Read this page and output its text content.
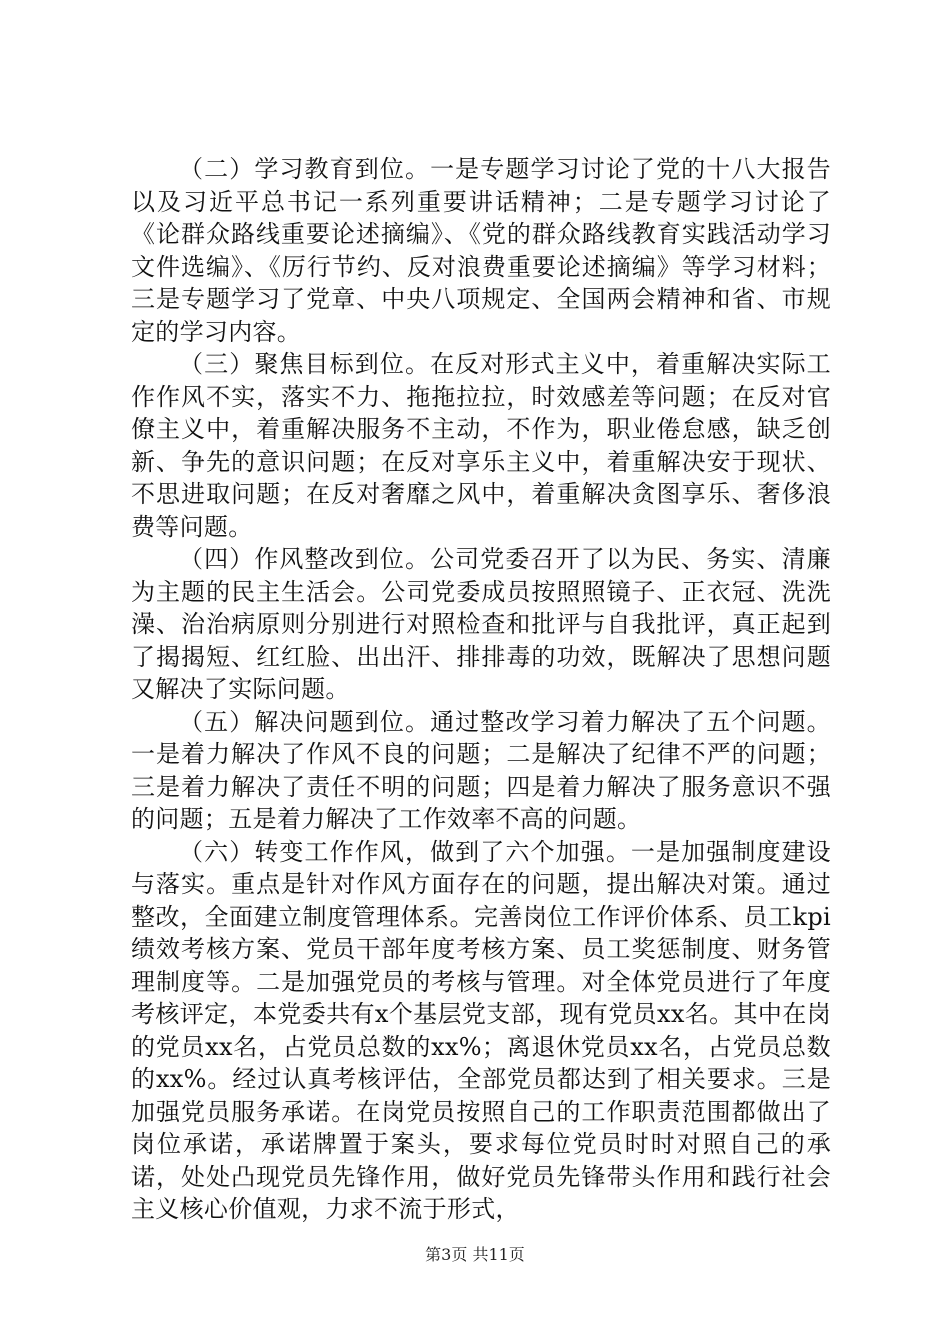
（二）学习教育到位。一是专题学习讨论了党的十八大报告以及习近平总书记一系列重要讲话精神；二是专题学习讨论了《论群众路线重要论述摘编》、《党的群众路线教育实践活动学习文件选编》、《厉行节约、反对浪费重要论述摘编》等学习材料；三是专题学习了党章、中央八项规定、全国两会精神和省、市规定的学习内容。

（三）聚焦目标到位。在反对形式主义中，着重解决实际工作作风不实，落实不力、拖拖拉拉，时效感差等问题；在反对官僚主义中，着重解决服务不主动，不作为，职业倦怠感，缺乏创新、争先的意识问题；在反对享乐主义中，着重解决安于现状、不思进取问题；在反对奢靡之风中，着重解决贪图享乐、奢侈浪费等问题。

（四）作风整改到位。公司党委召开了以为民、务实、清廉为主题的民主生活会。公司党委成员按照照镜子、正衣冠、洗洗澡、治治病原则分别进行对照检查和批评与自我批评，真正起到了揭揭短、红红脸、出出汗、排排毒的功效，既解决了思想问题又解决了实际问题。

（五）解决问题到位。通过整改学习着力解决了五个问题。一是着力解决了作风不良的问题；二是解决了纪律不严的问题；三是着力解决了责任不明的问题；四是着力解决了服务意识不强的问题；五是着力解决了工作效率不高的问题。

（六）转变工作作风，做到了六个加强。一是加强制度建设与落实。重点是针对作风方面存在的问题，提出解决对策。通过整改，全面建立制度管理体系。完善岗位工作评价体系、员工kpi绩效考核方案、党员干部年度考核方案、员工奖惩制度、财务管理制度等。二是加强党员的考核与管理。对全体党员进行了年度考核评定，本党委共有x个基层党支部，现有党员xx名。其中在岗的党员xx名，占党员总数的xx%；离退休党员xx名，占党员总数的xx%。经过认真考核评估，全部党员都达到了相关要求。三是加强党员服务承诺。在岗党员按照自己的工作职责范围都做出了岗位承诺，承诺牌置于案头，要求每位党员时时对照自己的承诺，处处凸现党员先锋作用，做好党员先锋带头作用和践行社会主义核心价值观，力求不流于形式，

第3页 共11页
